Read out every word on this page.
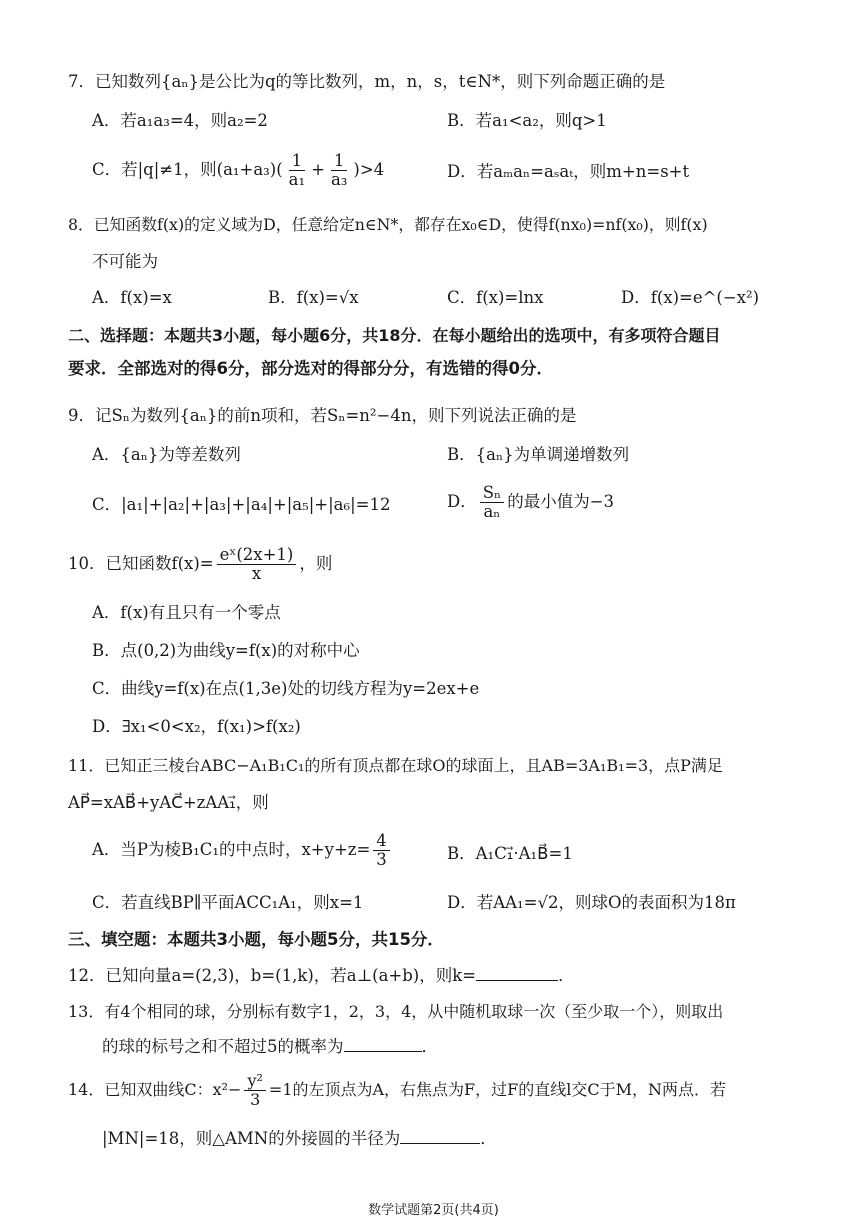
7．已知数列{aₙ}是公比为q的等比数列，m，n，s，t∈N*，则下列命题正确的是
A．若a₁a₃=4，则a₂=2	B．若a₁<a₂，则q>1
C．若|q|≠1，则$(a_1+a_3)( \frac{1}{\text{a₁}} + \frac{1}{\text{a₃}} )>4$	D．若aₘaₙ=aₛaₜ，则m+n=s+t
8．已知函数f(x)的定义域为D，任意给定n∈N*，都存在x₀∈D，使得f(nx₀)=nf(x₀)，则f(x)
不可能为
A．f(x)=x	B．f(x)=√x	C．f(x)=lnx	D．f(x)=e^(−x²)
二、选择题：本题共3小题，每小题6分，共18分．在每小题给出的选项中，有多项符合题目
要求．全部选对的得6分，部分选对的得部分分，有选错的得0分．
9．记Sₙ为数列{aₙ}的前n项和，若Sₙ=n²−4n，则下列说法正确的是
A．{aₙ}为等差数列	B．{aₙ}为单调递增数列
C．|a₁|+|a₂|+|a₃|+|a₄|+|a₅|+|a₆|=12	D． $\frac{\text{Sₙ}}{\text{aₙ}}$ 的最小值为−3
10．已知函数$f(x)= \frac{\text{eˣ(2x+1)}}{x}$ ，则
A．f(x)有且只有一个零点
B．点(0,2)为曲线y=f(x)的对称中心
C．曲线y=f(x)在点(1,3e)处的切线方程为y=2ex+e
D．∃x₁<0<x₂，f(x₁)>f(x₂)
11．已知正三棱台ABC−A₁B₁C₁的所有顶点都在球O的球面上，且AB=3A₁B₁=3，点P满足
AP⃗=xAB⃗+yAC⃗+zAA₁⃗，则
A．当P为棱B₁C₁的中点时，$x+y+z= \frac{4}{3}$	B．A₁C₁⃗·A₁B⃗=1
C．若直线BP∥平面ACC₁A₁，则x=1	D．若AA₁=√2，则球O的表面积为18π
三、填空题：本题共3小题，每小题5分，共15分．
12．已知向量a=(2,3)，b=(1,k)，若a⊥(a+b)，则k=	．
13．有4个相同的球，分别标有数字1，2，3，4，从中随机取球一次（至少取一个），则取出
的球的标号之和不超过5的概率为	．
14．已知双曲线C：$x^2- \frac{\text{y²}}{3} =1$的左顶点为A，右焦点为F，过F的直线l交C于M，N两点．若
|MN|=18，则△AMN的外接圆的半径为	．
数学试题第2页(共4页)
